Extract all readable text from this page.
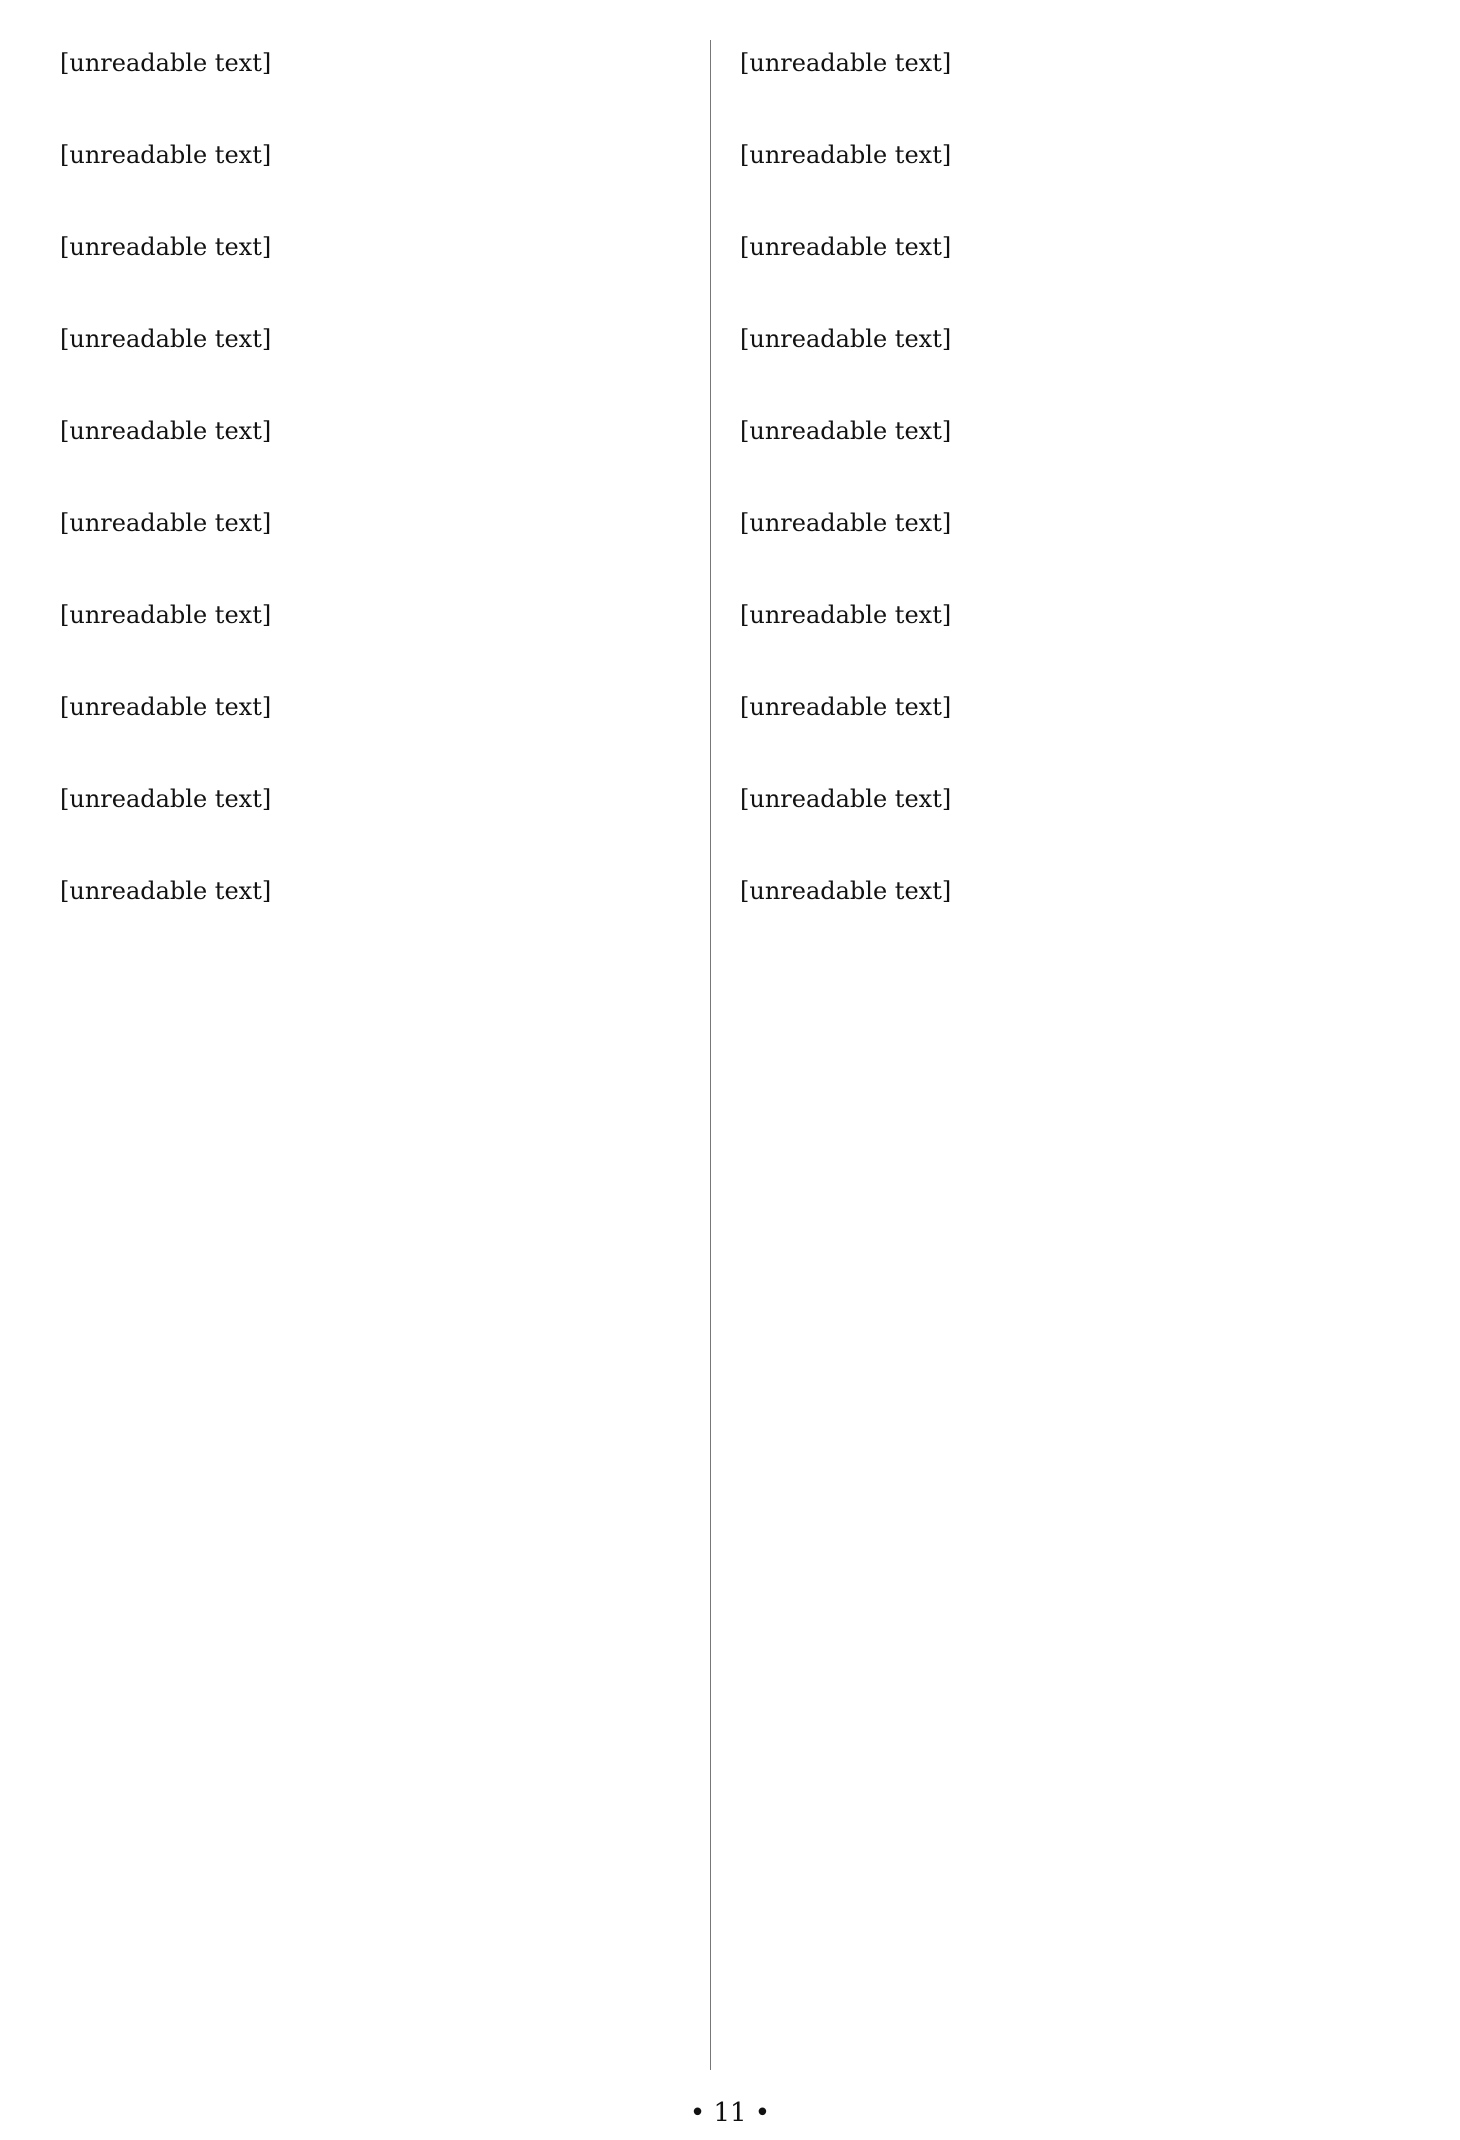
[unreadable text]

[unreadable text]

[unreadable text]

[unreadable text]

[unreadable text]

[unreadable text]

[unreadable text]

[unreadable text]

[unreadable text]

[unreadable text]

[unreadable text]

[unreadable text]

[unreadable text]

[unreadable text]

[unreadable text]

[unreadable text]

[unreadable text]

[unreadable text]

[unreadable text]

[unreadable text]

• 11 •
